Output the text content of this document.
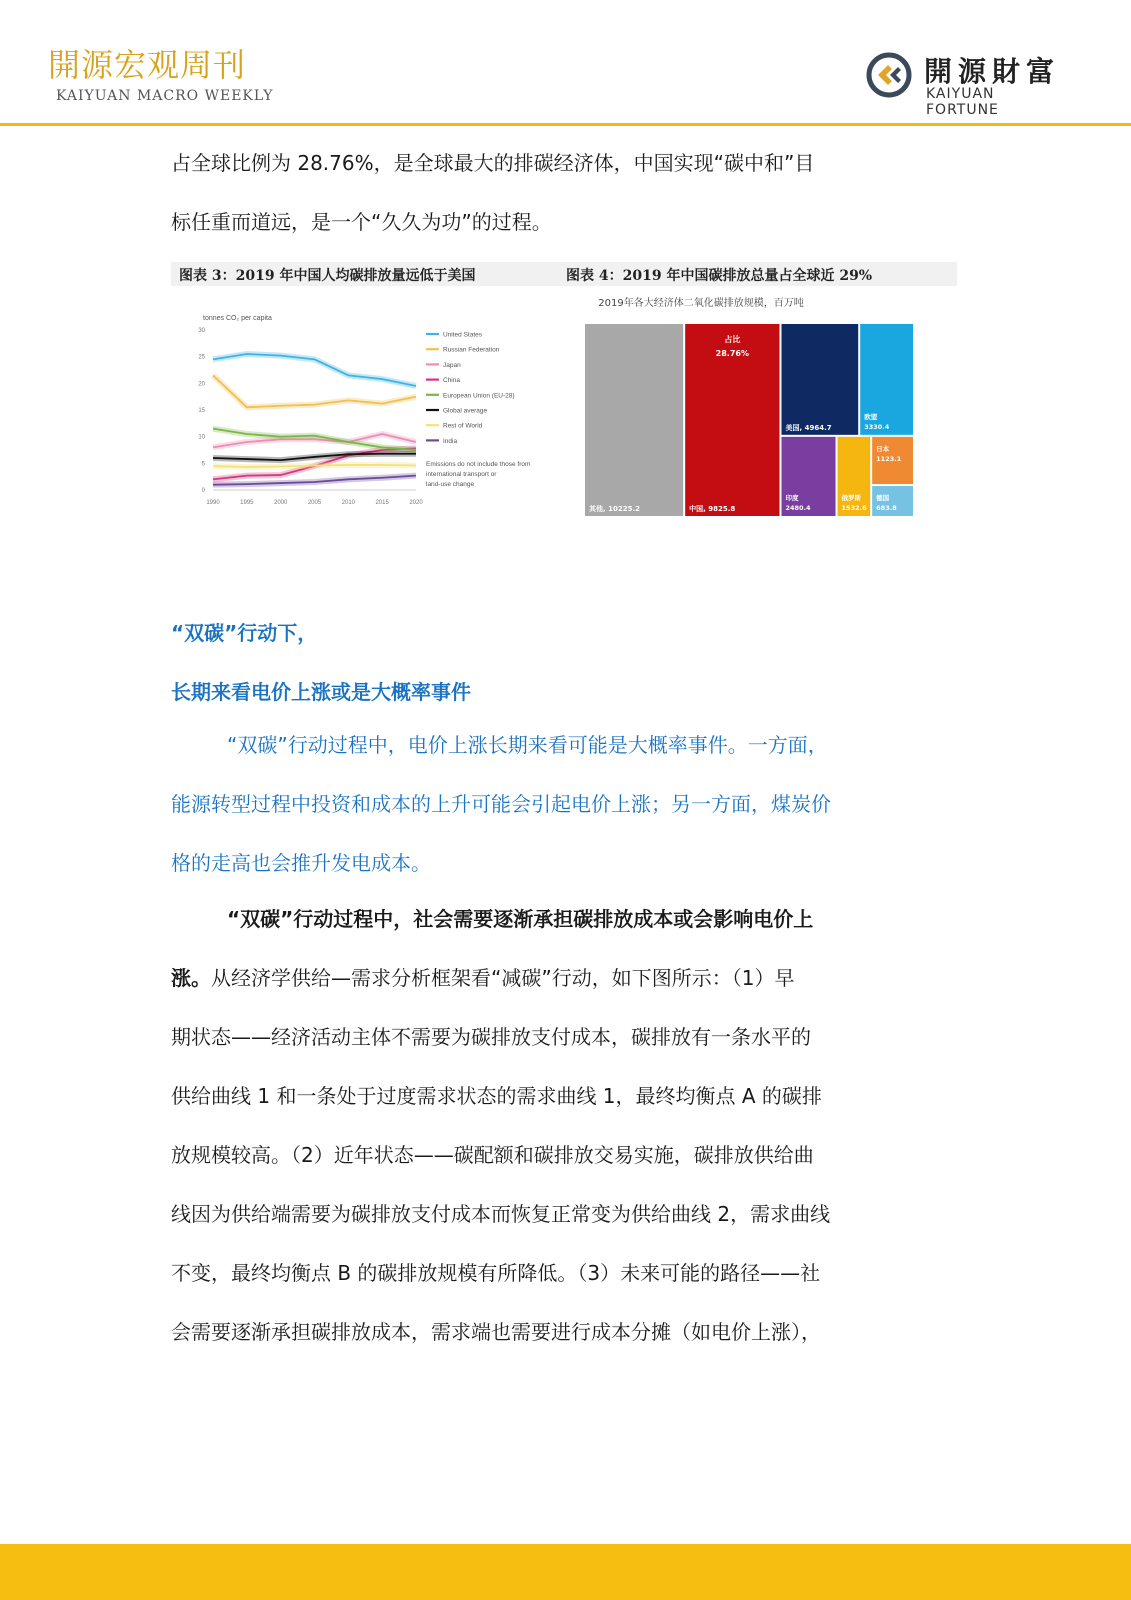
開源宏观周刊
KAIYUAN MACRO WEEKLY
開源財富
KAIYUAN FORTUNE
占全球比例为 28.76%，是全球最大的排碳经济体，中国实现“碳中和”目
标任重而道远，是一个“久久为功”的过程。
图表 3：2019 年中国人均碳排放量远低于美国	图表 4：2019 年中国碳排放总量占全球近 29%
tonnes CO₂ per capita
0
5
10
15
20
25
30
1990	1995	2000	2005	2010	2015	2020
United States
Russian Federation
Japan
China
European Union (EU-28)
Global average
Rest of World
India
Emissions do not include those from
international transport or
land-use change
2019年各大经济体二氧化碳排放规模，百万吨
其他, 10225.2	中国, 9825.8
美国, 4964.7
欧盟
3330.4
印度
2480.4
俄罗斯
1532.6
日本
1123.1
德国
683.8
占比
28.76%
“双碳”行动下，
长期来看电价上涨或是大概率事件
“双碳”行动过程中，电价上涨长期来看可能是大概率事件。一方面，
能源转型过程中投资和成本的上升可能会引起电价上涨；另一方面，煤炭价
格的走高也会推升发电成本。
“双碳”行动过程中，社会需要逐渐承担碳排放成本或会影响电价上
涨。从经济学供给—需求分析框架看“减碳”行动，如下图所示：（1）早
期状态——经济活动主体不需要为碳排放支付成本，碳排放有一条水平的
供给曲线 1 和一条处于过度需求状态的需求曲线 1，最终均衡点 A 的碳排
放规模较高。（2）近年状态——碳配额和碳排放交易实施，碳排放供给曲
线因为供给端需要为碳排放支付成本而恢复正常变为供给曲线 2，需求曲线
不变，最终均衡点 B 的碳排放规模有所降低。（3）未来可能的路径——社
会需要逐渐承担碳排放成本，需求端也需要进行成本分摊（如电价上涨），
